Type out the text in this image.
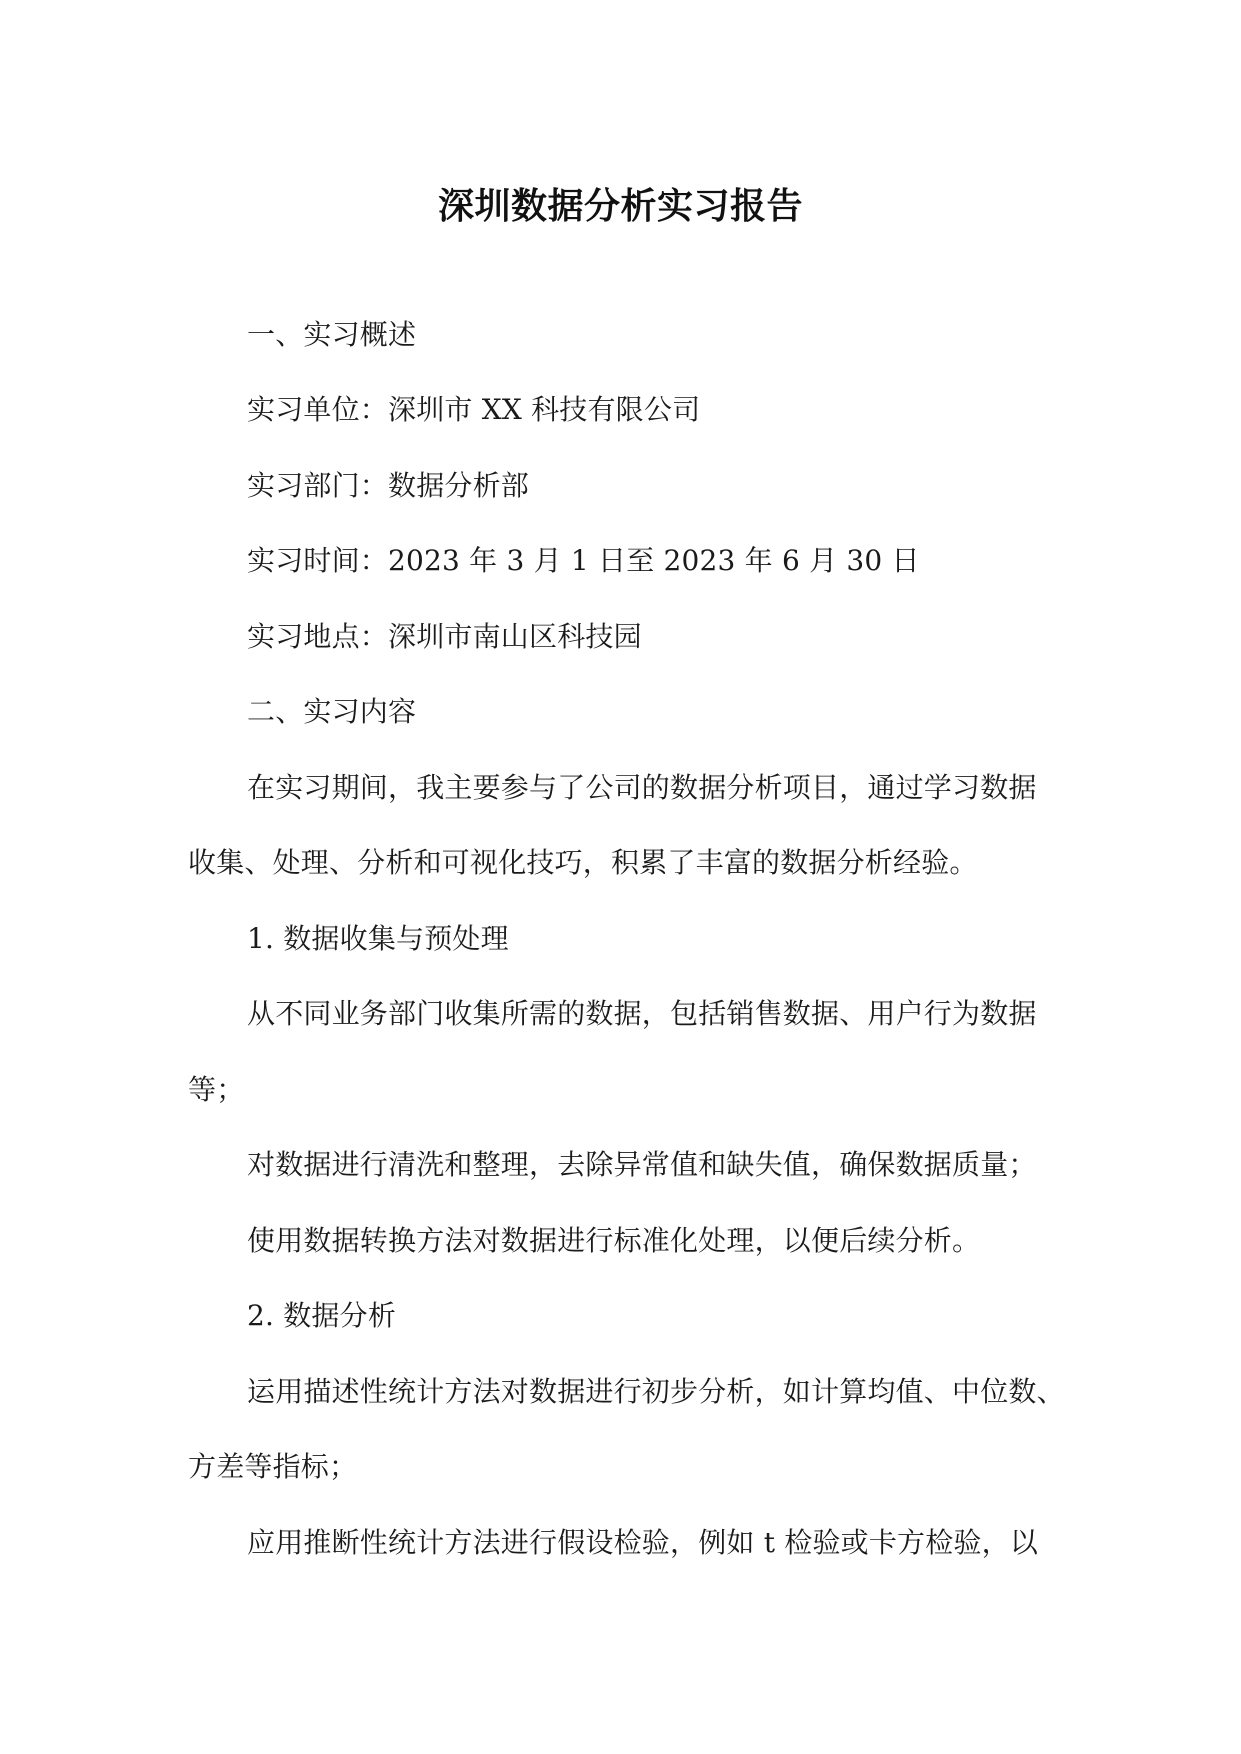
深圳数据分析实习报告
一、实习概述
实习单位：深圳市 XX 科技有限公司
实习部门：数据分析部
实习时间：2023 年 3 月 1 日至 2023 年 6 月 30 日
实习地点：深圳市南山区科技园
二、实习内容
在实习期间，我主要参与了公司的数据分析项目，通过学习数据
收集、处理、分析和可视化技巧，积累了丰富的数据分析经验。
1. 数据收集与预处理
从不同业务部门收集所需的数据，包括销售数据、用户行为数据
等；
对数据进行清洗和整理，去除异常值和缺失值，确保数据质量；
使用数据转换方法对数据进行标准化处理，以便后续分析。
2. 数据分析
运用描述性统计方法对数据进行初步分析，如计算均值、中位数、
方差等指标；
应用推断性统计方法进行假设检验，例如 t 检验或卡方检验，以
